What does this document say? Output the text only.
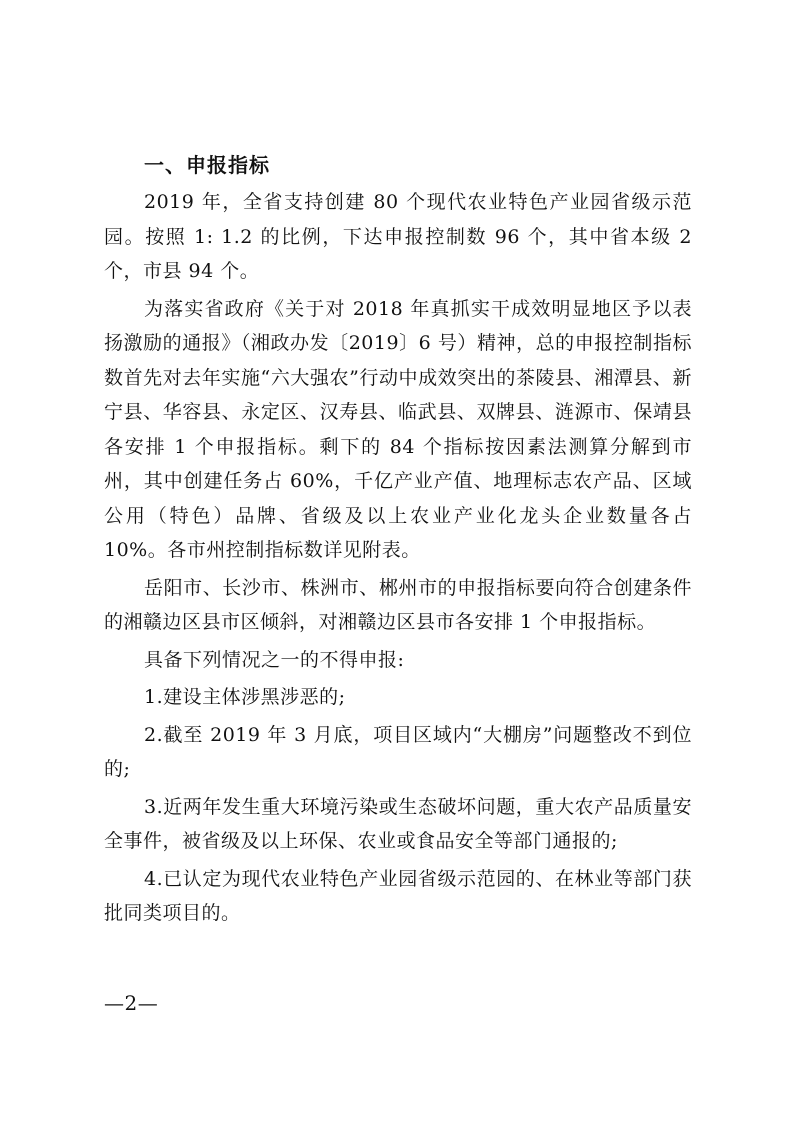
一、申报指标

2019 年，全省支持创建 80 个现代农业特色产业园省级示范园。按照 1: 1.2 的比例，下达申报控制数 96 个，其中省本级 2 个，市县 94 个。

为落实省政府《关于对 2018 年真抓实干成效明显地区予以表扬激励的通报》（湘政办发〔2019〕6 号）精神，总的申报控制指标数首先对去年实施“六大强农”行动中成效突出的茶陵县、湘潭县、新宁县、华容县、永定区、汉寿县、临武县、双牌县、涟源市、保靖县各安排 1 个申报指标。剩下的 84 个指标按因素法测算分解到市州，其中创建任务占 60%，千亿产业产值、地理标志农产品、区域公用（特色）品牌、省级及以上农业产业化龙头企业数量各占 10%。各市州控制指标数详见附表。

岳阳市、长沙市、株洲市、郴州市的申报指标要向符合创建条件的湘赣边区县市区倾斜，对湘赣边区县市各安排 1 个申报指标。

具备下列情况之一的不得申报:

1.建设主体涉黑涉恶的;

2.截至 2019 年 3 月底，项目区域内“大棚房”问题整改不到位的;

3.近两年发生重大环境污染或生态破坏问题，重大农产品质量安全事件，被省级及以上环保、农业或食品安全等部门通报的;

4.已认定为现代农业特色产业园省级示范园的、在林业等部门获批同类项目的。

—2—
